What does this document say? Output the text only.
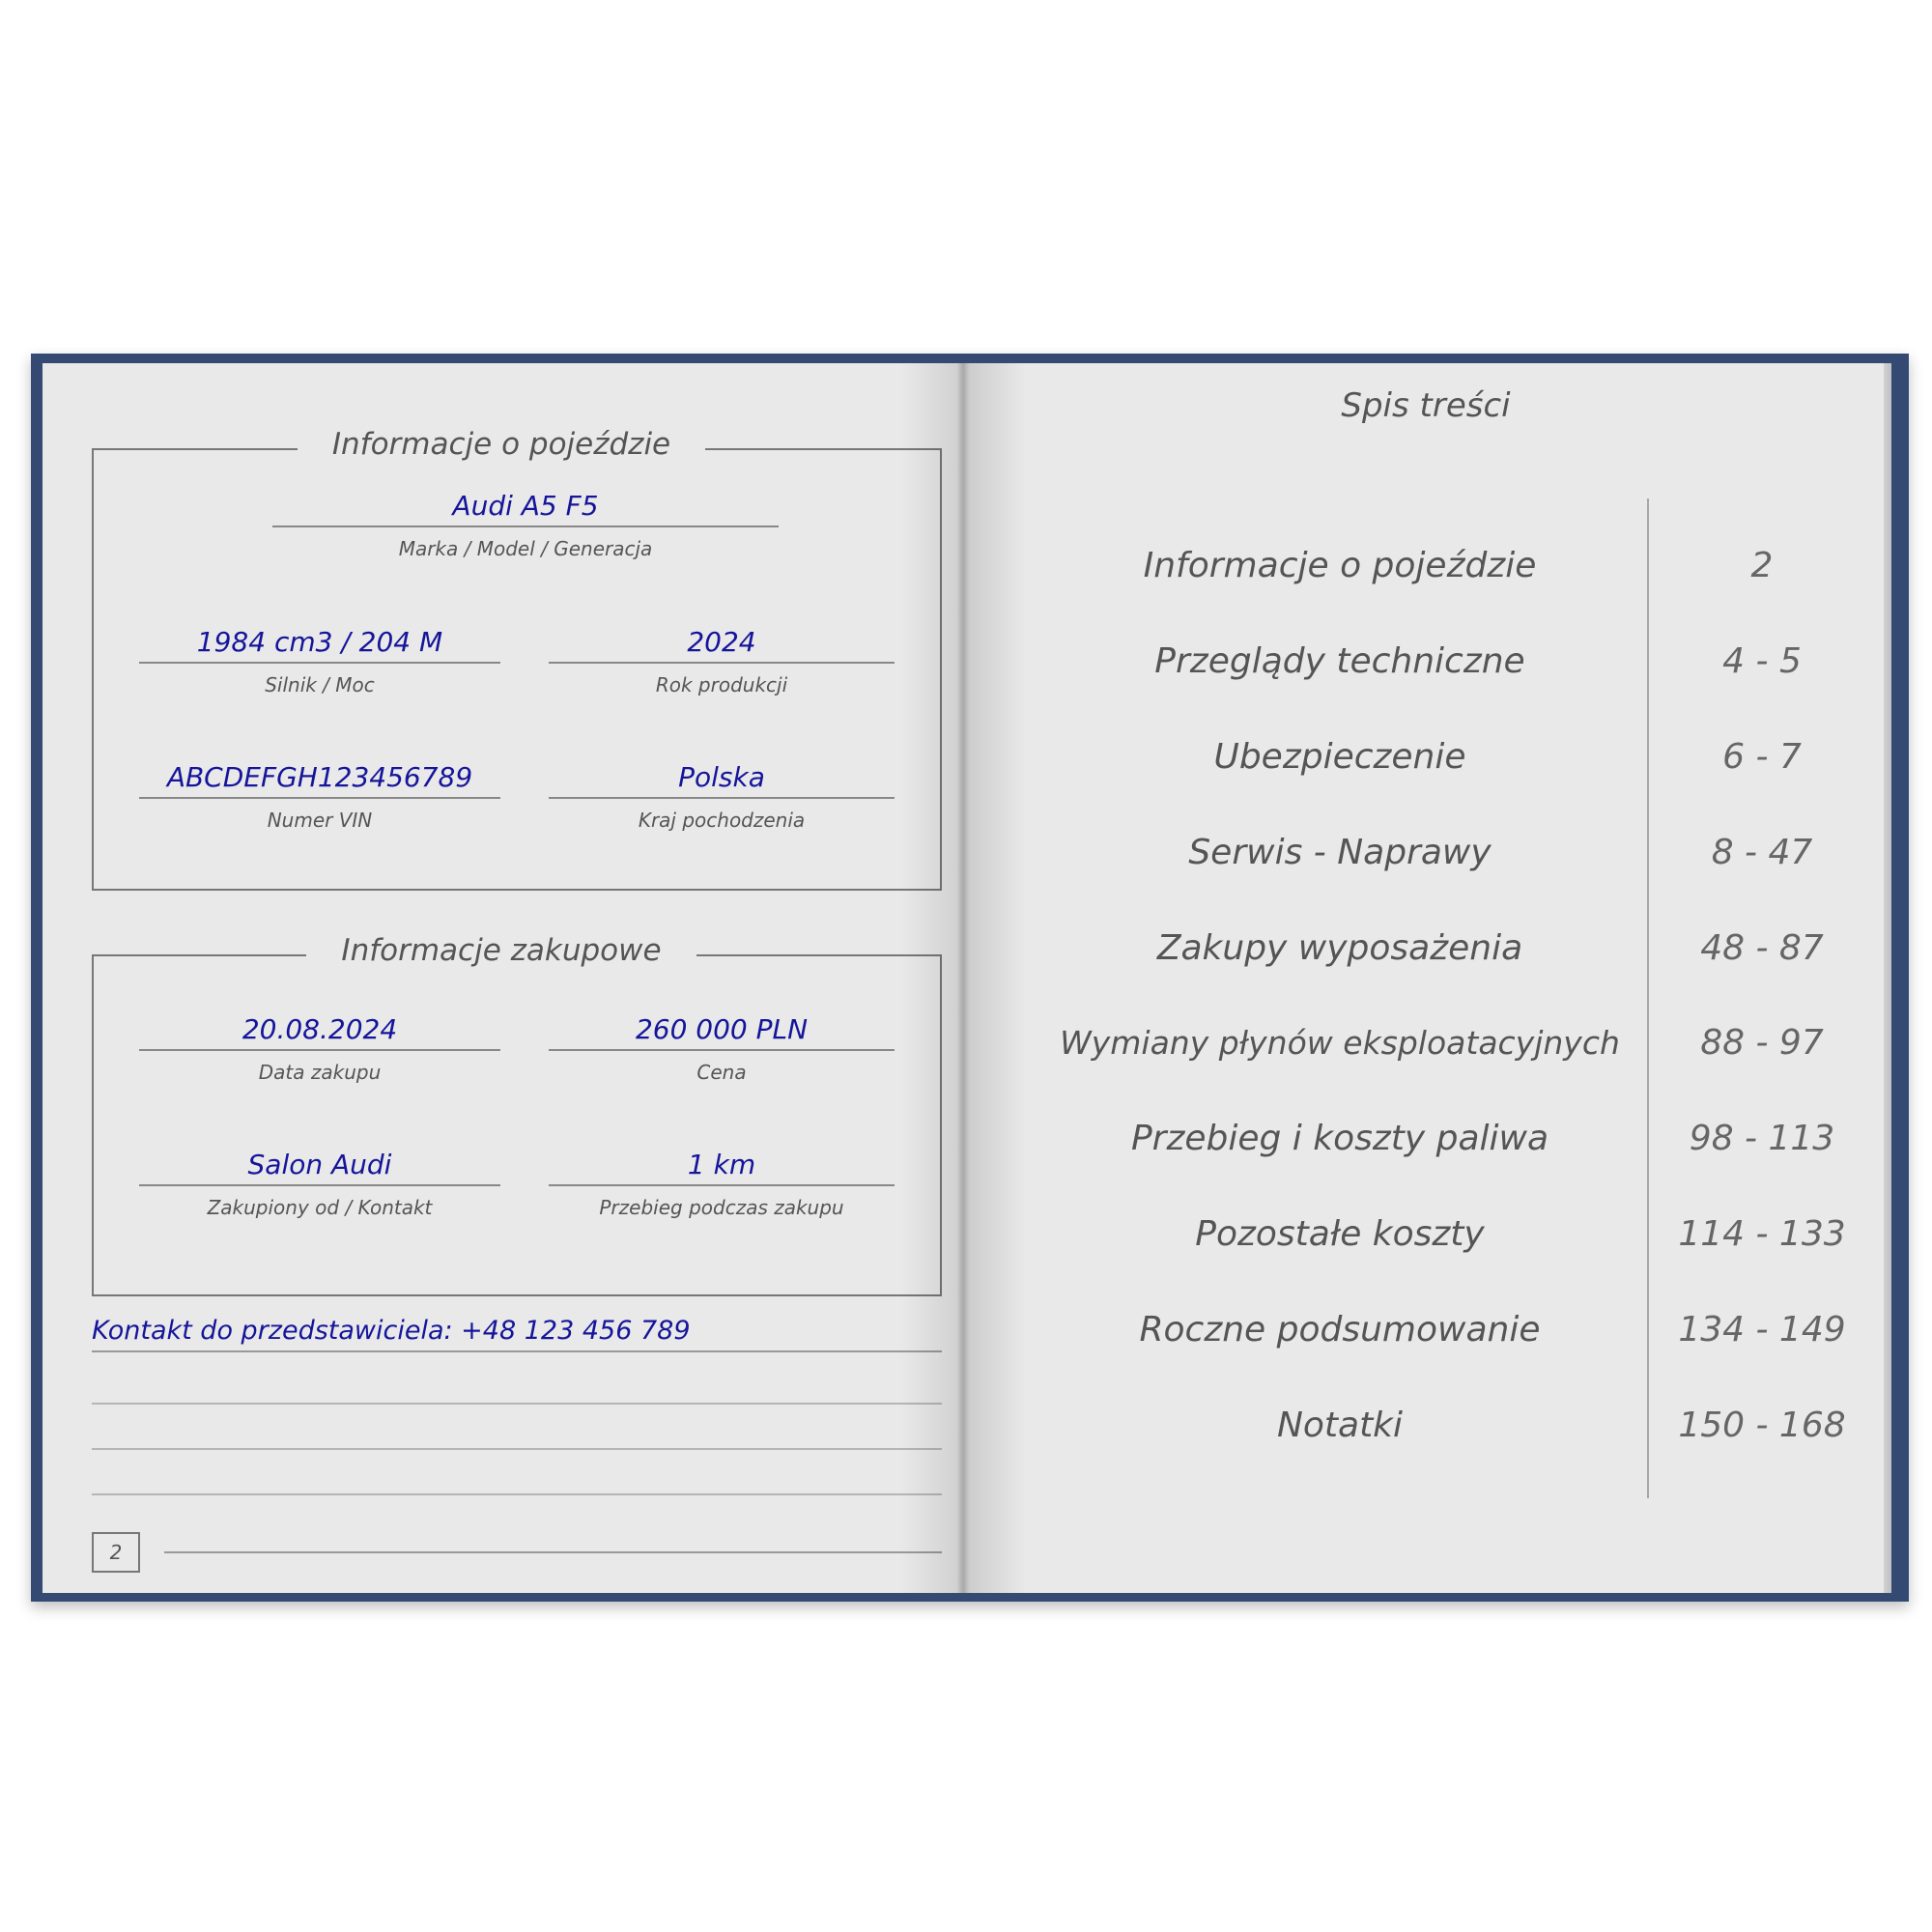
Informacje o pojeździe
Audi A5 F5
Marka / Model / Generacja
1984 cm3 / 204 M
Silnik / Moc
2024
Rok produkcji
ABCDEFGH123456789
Numer VIN
Polska
Kraj pochodzenia
Informacje zakupowe
20.08.2024
Data zakupu
260 000 PLN
Cena
Salon Audi
Zakupiony od / Kontakt
1 km
Przebieg podczas zakupu
Kontakt do przedstawiciela: +48 123 456 789
2
Spis treści
Informacje o pojeździe	2
Przeglądy techniczne	4 - 5
Ubezpieczenie	6 - 7
Serwis - Naprawy	8 - 47
Zakupy wyposażenia	48 - 87
Wymiany płynów eksploatacyjnych	88 - 97
Przebieg i koszty paliwa	98 - 113
Pozostałe koszty	114 - 133
Roczne podsumowanie	134 - 149
Notatki	150 - 168
